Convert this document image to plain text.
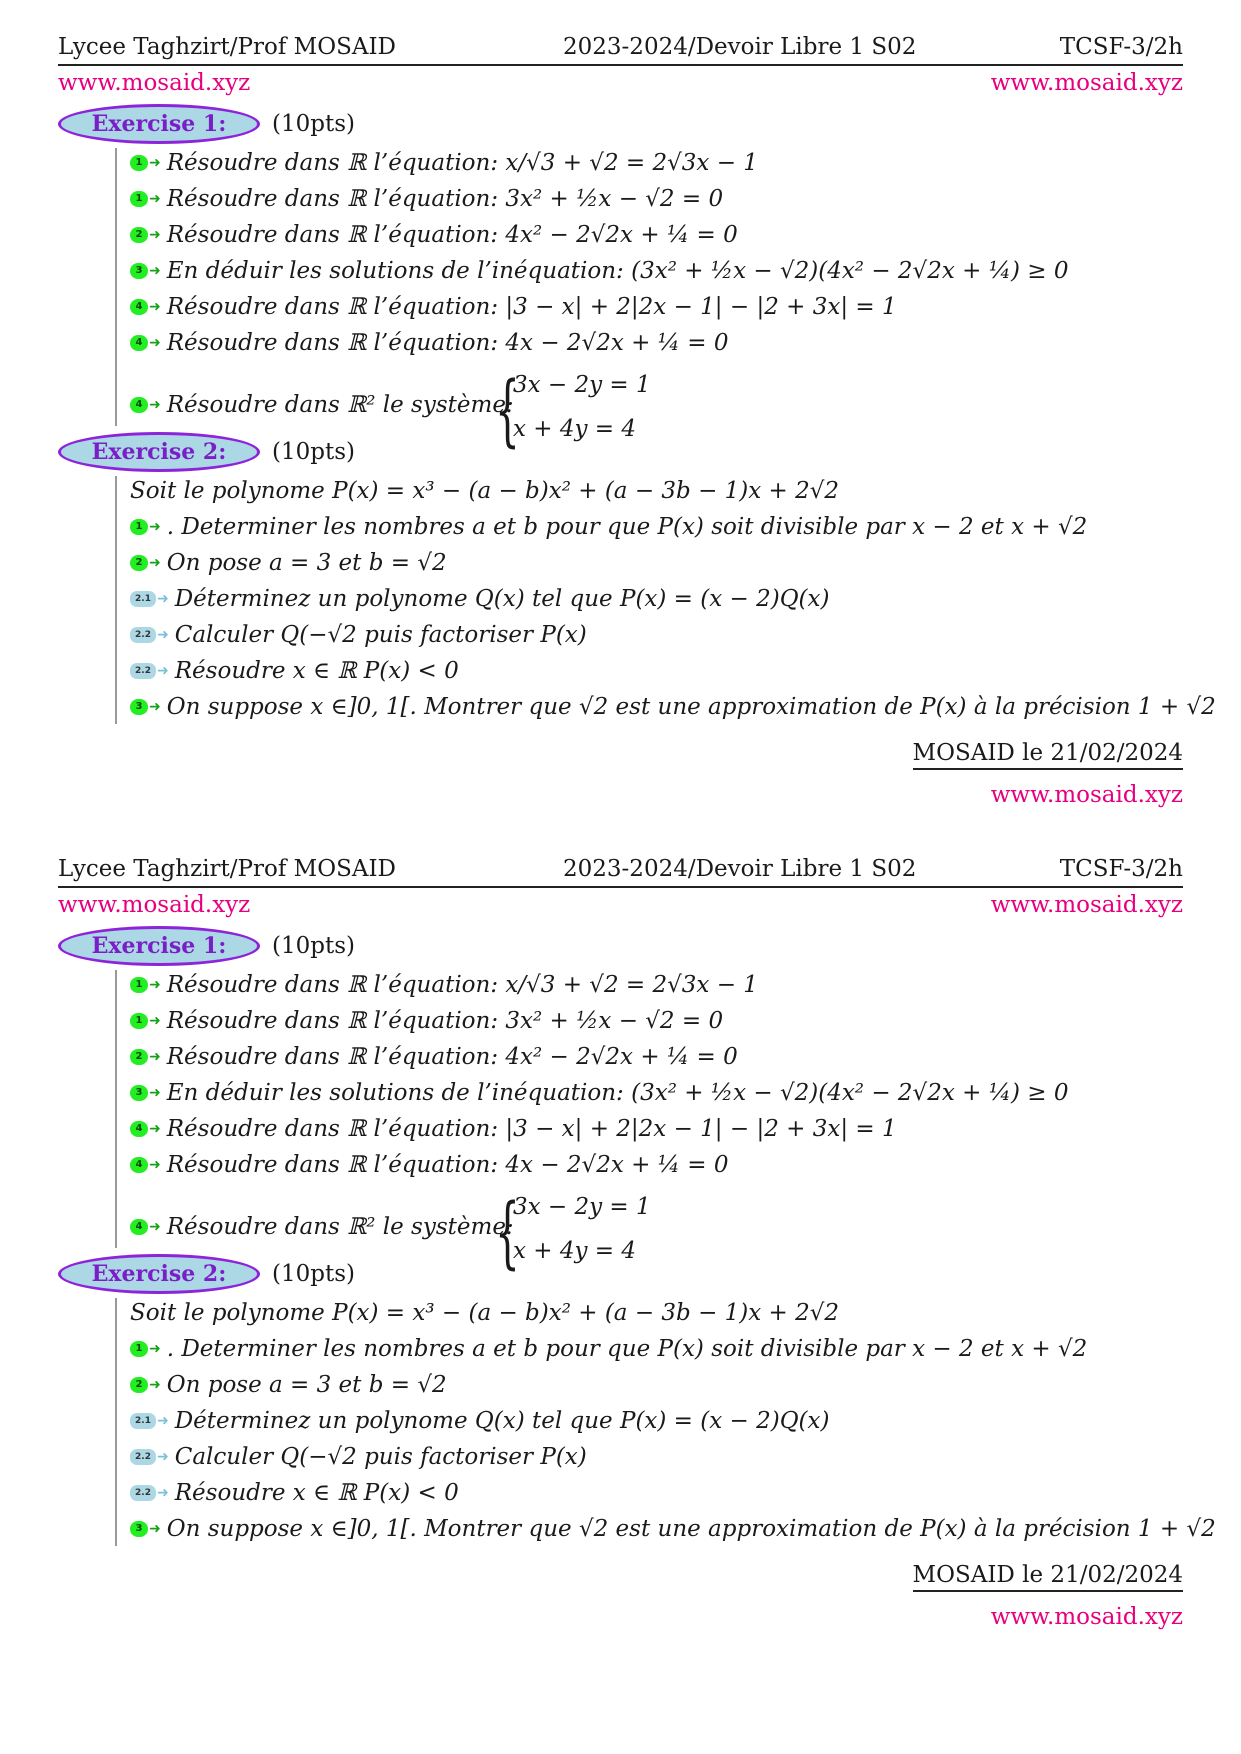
Lycee Taghzirt/Prof MOSAID	2023-2024/Devoir Libre 1 S02	TCSF-3/2h
www.mosaid.xyz	www.mosaid.xyz
Exercise 1:	(10pts)
1 ➜ Résoudre dans ℝ l’équation: x/√3 + √2 = 2√3x − 1
1 ➜ Résoudre dans ℝ l’équation: 3x² + ½x − √2 = 0
2 ➜ Résoudre dans ℝ l’équation: 4x² − 2√2x + ¼ = 0
3 ➜ En déduir les solutions de l’inéquation: (3x² + ½x − √2)(4x² − 2√2x + ¼) ≥ 0
4 ➜ Résoudre dans ℝ l’équation: |3 − x| + 2|2x − 1| − |2 + 3x| = 1
4 ➜ Résoudre dans ℝ l’équation: 4x − 2√2x + ¼ = 0
4 ➜ Résoudre dans ℝ² le système:
{
3x − 2y = 1
x + 4y = 4
Exercise 2:	(10pts)
Soit le polynome P(x) = x³ − (a − b)x² + (a − 3b − 1)x + 2√2
1 ➜ . Determiner les nombres a et b pour que P(x) soit divisible par x − 2 et x + √2
2 ➜ On pose a = 3 et b = √2
2.1 ➜ Déterminez un polynome Q(x) tel que P(x) = (x − 2)Q(x)
2.2 ➜ Calculer Q(−√2 puis factoriser P(x)
2.2 ➜ Résoudre x ∈ ℝ P(x) < 0
3 ➜ On suppose x ∈]0, 1[. Montrer que √2 est une approximation de P(x) à la précision 1 + √2
MOSAID le 21/02/2024
www.mosaid.xyz
Lycee Taghzirt/Prof MOSAID	2023-2024/Devoir Libre 1 S02	TCSF-3/2h
www.mosaid.xyz	www.mosaid.xyz
Exercise 1:	(10pts)
1 ➜ Résoudre dans ℝ l’équation: x/√3 + √2 = 2√3x − 1
1 ➜ Résoudre dans ℝ l’équation: 3x² + ½x − √2 = 0
2 ➜ Résoudre dans ℝ l’équation: 4x² − 2√2x + ¼ = 0
3 ➜ En déduir les solutions de l’inéquation: (3x² + ½x − √2)(4x² − 2√2x + ¼) ≥ 0
4 ➜ Résoudre dans ℝ l’équation: |3 − x| + 2|2x − 1| − |2 + 3x| = 1
4 ➜ Résoudre dans ℝ l’équation: 4x − 2√2x + ¼ = 0
4 ➜ Résoudre dans ℝ² le système:
{
3x − 2y = 1
x + 4y = 4
Exercise 2:	(10pts)
Soit le polynome P(x) = x³ − (a − b)x² + (a − 3b − 1)x + 2√2
1 ➜ . Determiner les nombres a et b pour que P(x) soit divisible par x − 2 et x + √2
2 ➜ On pose a = 3 et b = √2
2.1 ➜ Déterminez un polynome Q(x) tel que P(x) = (x − 2)Q(x)
2.2 ➜ Calculer Q(−√2 puis factoriser P(x)
2.2 ➜ Résoudre x ∈ ℝ P(x) < 0
3 ➜ On suppose x ∈]0, 1[. Montrer que √2 est une approximation de P(x) à la précision 1 + √2
MOSAID le 21/02/2024
www.mosaid.xyz
